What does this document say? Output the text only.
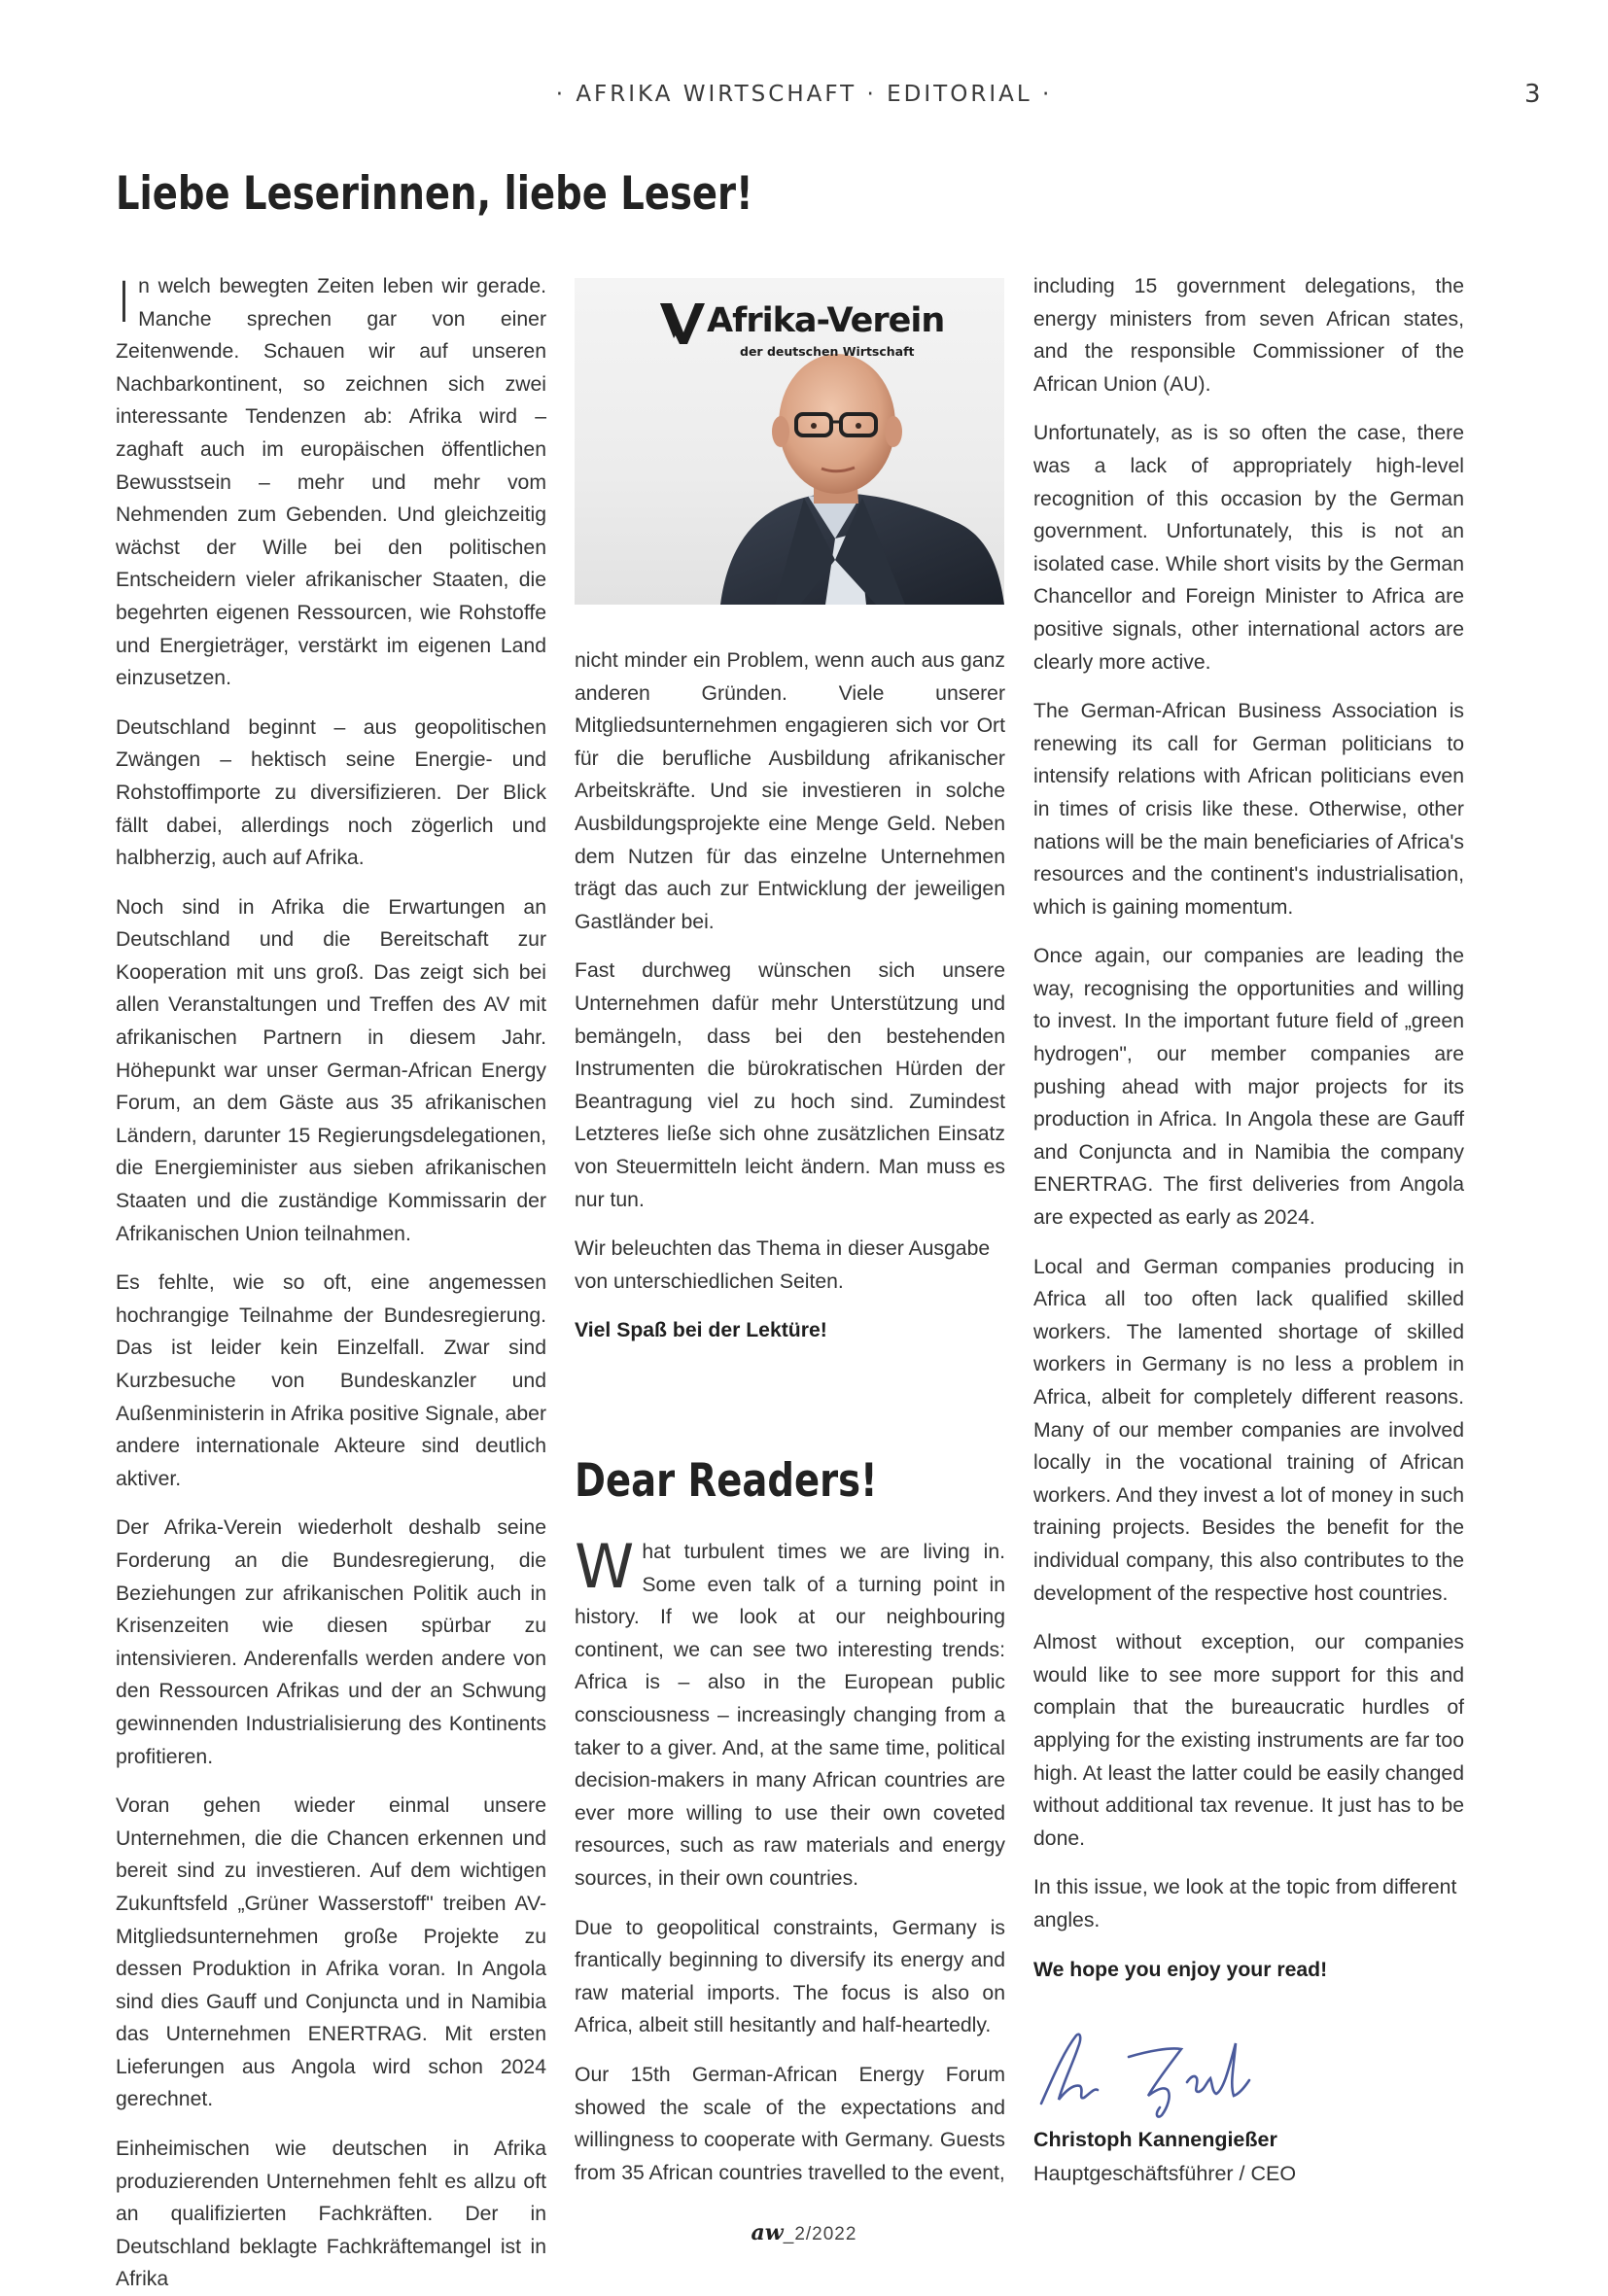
· AFRIKA WIRTSCHAFT · EDITORIAL ·	3
Liebe Leserinnen, liebe Leser!

In welch bewegten Zeiten leben wir gerade. Manche sprechen gar von einer Zeitenwende. Schauen wir auf unseren Nachbarkontinent, so zeichnen sich zwei interessante Tendenzen ab: Afrika wird – zaghaft auch im europäischen öffentlichen Bewusstsein – mehr und mehr vom Nehmenden zum Gebenden. Und gleichzeitig wächst der Wille bei den politischen Entscheidern vieler afrikanischer Staaten, die begehrten eigenen Ressourcen, wie Rohstoffe und Energieträger, verstärkt im eigenen Land einzusetzen.

Deutschland beginnt – aus geopolitischen Zwängen – hektisch seine Energie- und Rohstoffimporte zu diversifizieren. Der Blick fällt dabei, allerdings noch zögerlich und halbherzig, auch auf Afrika.

Noch sind in Afrika die Erwartungen an Deutschland und die Bereitschaft zur Kooperation mit uns groß. Das zeigt sich bei allen Veranstaltungen und Treffen des AV mit afrikanischen Partnern in diesem Jahr. Höhepunkt war unser German-African Energy Forum, an dem Gäste aus 35 afrikanischen Ländern, darunter 15 Regierungsdelegationen, die Energieminister aus sieben afrikanischen Staaten und die zuständige Kommissarin der Afrikanischen Union teilnahmen.

Es fehlte, wie so oft, eine angemessen hochrangige Teilnahme der Bundesregierung. Das ist leider kein Einzelfall. Zwar sind Kurzbesuche von Bundeskanzler und Außenministerin in Afrika positive Signale, aber andere internationale Akteure sind deutlich aktiver.

Der Afrika-Verein wiederholt deshalb seine Forderung an die Bundesregierung, die Beziehungen zur afrikanischen Politik auch in Krisenzeiten wie diesen spürbar zu intensivieren. Anderenfalls werden andere von den Ressourcen Afrikas und der an Schwung gewinnenden Industrialisierung des Kontinents profitieren.

Voran gehen wieder einmal unsere Unternehmen, die die Chancen erkennen und bereit sind zu investieren. Auf dem wichtigen Zukunftsfeld „Grüner Wasserstoff" treiben AV-Mitgliedsunternehmen große Projekte zu dessen Produktion in Afrika voran. In Angola sind dies Gauff und Conjuncta und in Namibia das Unternehmen ENERTRAG. Mit ersten Lieferungen aus Angola wird schon 2024 gerechnet.

Einheimischen wie deutschen in Afrika produzierenden Unternehmen fehlt es allzu oft an qualifizierten Fachkräften. Der in Deutschland beklagte Fachkräftemangel ist in Afrika

Afrika-Verein
der deutschen Wirtschaft

nicht minder ein Problem, wenn auch aus ganz anderen Gründen. Viele unserer Mitgliedsunternehmen engagieren sich vor Ort für die berufliche Ausbildung afrikanischer Arbeitskräfte. Und sie investieren in solche Ausbildungsprojekte eine Menge Geld. Neben dem Nutzen für das einzelne Unternehmen trägt das auch zur Entwicklung der jeweiligen Gastländer bei.

Fast durchweg wünschen sich unsere Unternehmen dafür mehr Unterstützung und bemängeln, dass bei den bestehenden Instrumenten die bürokratischen Hürden der Beantragung viel zu hoch sind. Zumindest Letzteres ließe sich ohne zusätzlichen Einsatz von Steuermitteln leicht ändern. Man muss es nur tun.

Wir beleuchten das Thema in dieser Ausgabe von unterschiedlichen Seiten.

Viel Spaß bei der Lektüre!

Dear Readers!

What turbulent times we are living in. Some even talk of a turning point in history. If we look at our neighbouring continent, we can see two interesting trends: Africa is – also in the European public consciousness – increasingly changing from a taker to a giver. And, at the same time, political decision-makers in many African countries are ever more willing to use their own coveted resources, such as raw materials and energy sources, in their own countries.

Due to geopolitical constraints, Germany is frantically beginning to diversify its energy and raw material imports. The focus is also on Africa, albeit still hesitantly and half-heartedly.

Our 15th German-African Energy Forum showed the scale of the expectations and willingness to cooperate with Germany. Guests from 35 African countries travelled to the event,

including 15 government delegations, the energy ministers from seven African states, and the responsible Commissioner of the African Union (AU).

Unfortunately, as is so often the case, there was a lack of appropriately high-level recognition of this occasion by the German government. Unfortunately, this is not an isolated case. While short visits by the German Chancellor and Foreign Minister to Africa are positive signals, other international actors are clearly more active.

The German-African Business Association is renewing its call for German politicians to intensify relations with African politicians even in times of crisis like these. Otherwise, other nations will be the main beneficiaries of Africa's resources and the continent's industrialisation, which is gaining momentum.

Once again, our companies are leading the way, recognising the opportunities and willing to invest. In the important future field of „green hydrogen", our member companies are pushing ahead with major projects for its production in Africa. In Angola these are Gauff and Conjuncta and in Namibia the company ENERTRAG. The first deliveries from Angola are expected as early as 2024.

Local and German companies producing in Africa all too often lack qualified skilled workers. The lamented shortage of skilled workers in Germany is no less a problem in Africa, albeit for completely different reasons. Many of our member companies are involved locally in the vocational training of African workers. And they invest a lot of money in such training projects. Besides the benefit for the individual company, this also contributes to the development of the respective host countries.

Almost without exception, our companies would like to see more support for this and complain that the bureaucratic hurdles of applying for the existing instruments are far too high. At least the latter could be easily changed without additional tax revenue. It just has to be done.

In this issue, we look at the topic from different angles.

We hope you enjoy your read!

Christoph Kannengießer
Hauptgeschäftsführer / CEO
aw_2/2022
